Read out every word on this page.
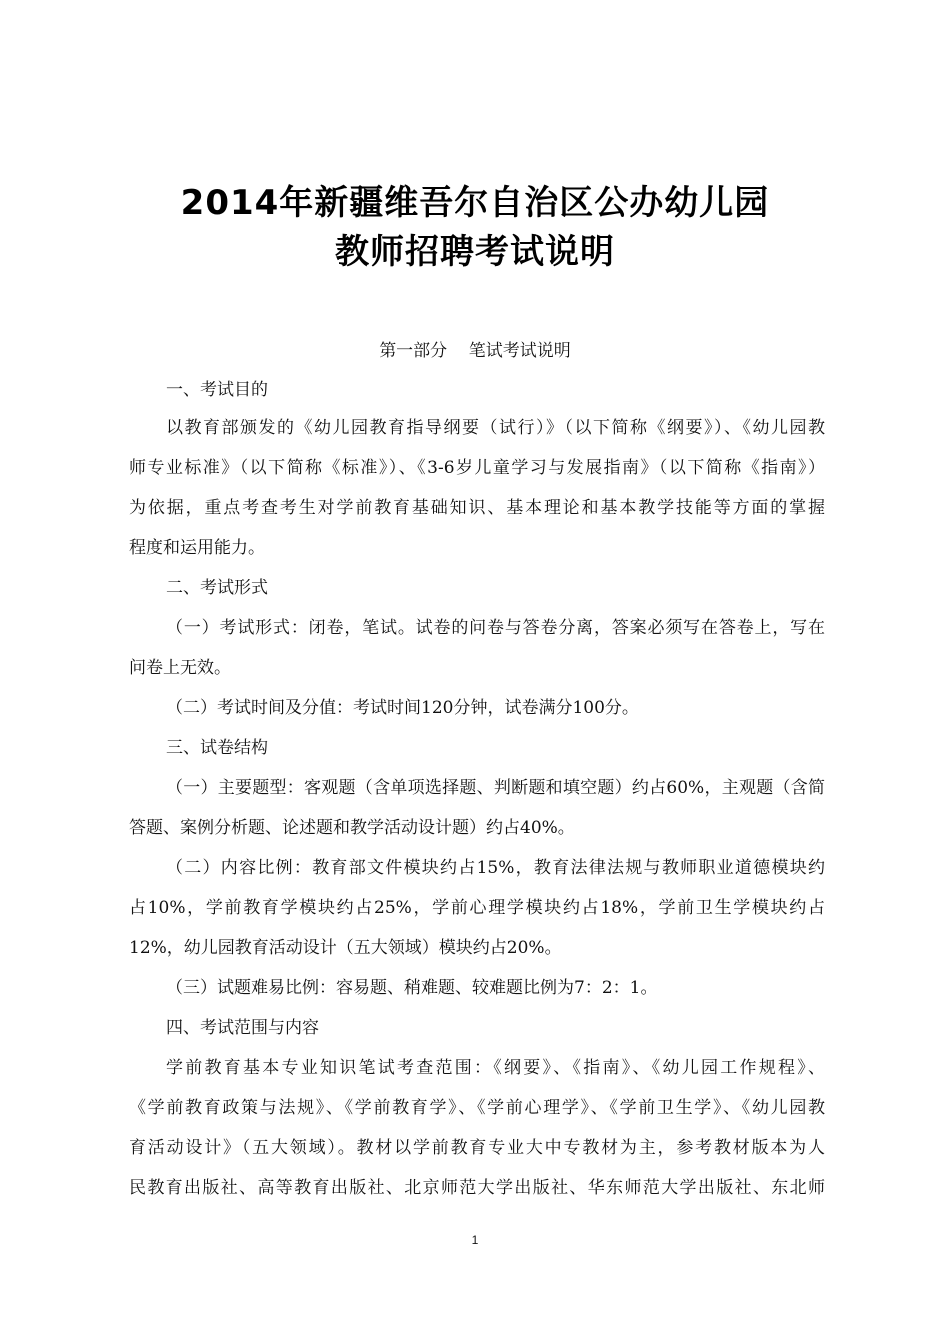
2014年新疆维吾尔自治区公办幼儿园
教师招聘考试说明
第一部分    笔试考试说明
一、考试目的
以教育部颁发的《幼儿园教育指导纲要（试行）》（以下简称《纲要》）、《幼儿园教
师专业标准》（以下简称《标准》）、《3-6岁儿童学习与发展指南》（以下简称《指南》）
为依据，重点考查考生对学前教育基础知识、基本理论和基本教学技能等方面的掌握
程度和运用能力。
二、考试形式
（一）考试形式：闭卷，笔试。试卷的问卷与答卷分离，答案必须写在答卷上，写在
问卷上无效。
（二）考试时间及分值：考试时间120分钟，试卷满分100分。
三、试卷结构
（一）主要题型：客观题（含单项选择题、判断题和填空题）约占60%，主观题（含简
答题、案例分析题、论述题和教学活动设计题）约占40%。
（二）内容比例：教育部文件模块约占15%，教育法律法规与教师职业道德模块约
占10%，学前教育学模块约占25%，学前心理学模块约占18%，学前卫生学模块约占
12%，幼儿园教育活动设计（五大领域）模块约占20%。
（三）试题难易比例：容易题、稍难题、较难题比例为7：2：1。
四、考试范围与内容
学前教育基本专业知识笔试考查范围：《纲要》、《指南》、《幼儿园工作规程》、
《学前教育政策与法规》、《学前教育学》、《学前心理学》、《学前卫生学》、《幼儿园教
育活动设计》（五大领域）。教材以学前教育专业大中专教材为主，参考教材版本为人
民教育出版社、高等教育出版社、北京师范大学出版社、华东师范大学出版社、东北师
1
